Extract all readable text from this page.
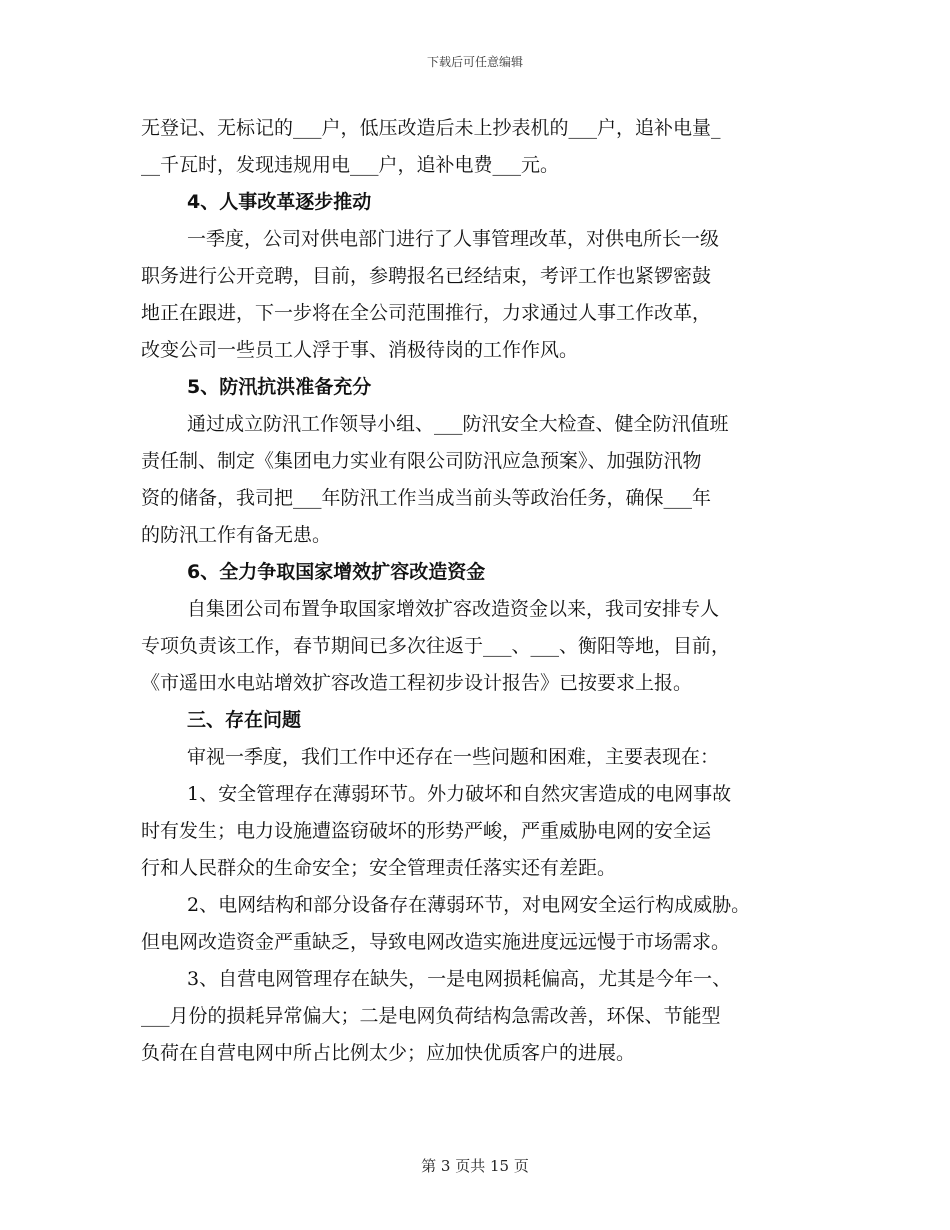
下载后可任意编辑
无登记、无标记的___户，低压改造后未上抄表机的___户，追补电量_
__千瓦时，发现违规用电___户，追补电费___元。
4、人事改革逐步推动
一季度，公司对供电部门进行了人事管理改革，对供电所长一级
职务进行公开竞聘，目前，参聘报名已经结束，考评工作也紧锣密鼓
地正在跟进，下一步将在全公司范围推行，力求通过人事工作改革，
改变公司一些员工人浮于事、消极待岗的工作作风。
5、防汛抗洪准备充分
通过成立防汛工作领导小组、___防汛安全大检查、健全防汛值班
责任制、制定《集团电力实业有限公司防汛应急预案》、加强防汛物
资的储备，我司把___年防汛工作当成当前头等政治任务，确保___年
的防汛工作有备无患。
6、全力争取国家增效扩容改造资金
自集团公司布置争取国家增效扩容改造资金以来，我司安排专人
专项负责该工作，春节期间已多次往返于___、___、衡阳等地，目前，
《市遥田水电站增效扩容改造工程初步设计报告》已按要求上报。
三、存在问题
审视一季度，我们工作中还存在一些问题和困难，主要表现在：
1、安全管理存在薄弱环节。外力破坏和自然灾害造成的电网事故
时有发生；电力设施遭盗窃破坏的形势严峻，严重威胁电网的安全运
行和人民群众的生命安全；安全管理责任落实还有差距。
2、电网结构和部分设备存在薄弱环节，对电网安全运行构成威胁。
但电网改造资金严重缺乏，导致电网改造实施进度远远慢于市场需求。
3、自营电网管理存在缺失，一是电网损耗偏高，尤其是今年一、
___月份的损耗异常偏大；二是电网负荷结构急需改善，环保、节能型
负荷在自营电网中所占比例太少；应加快优质客户的进展。
第 3 页共 15 页
